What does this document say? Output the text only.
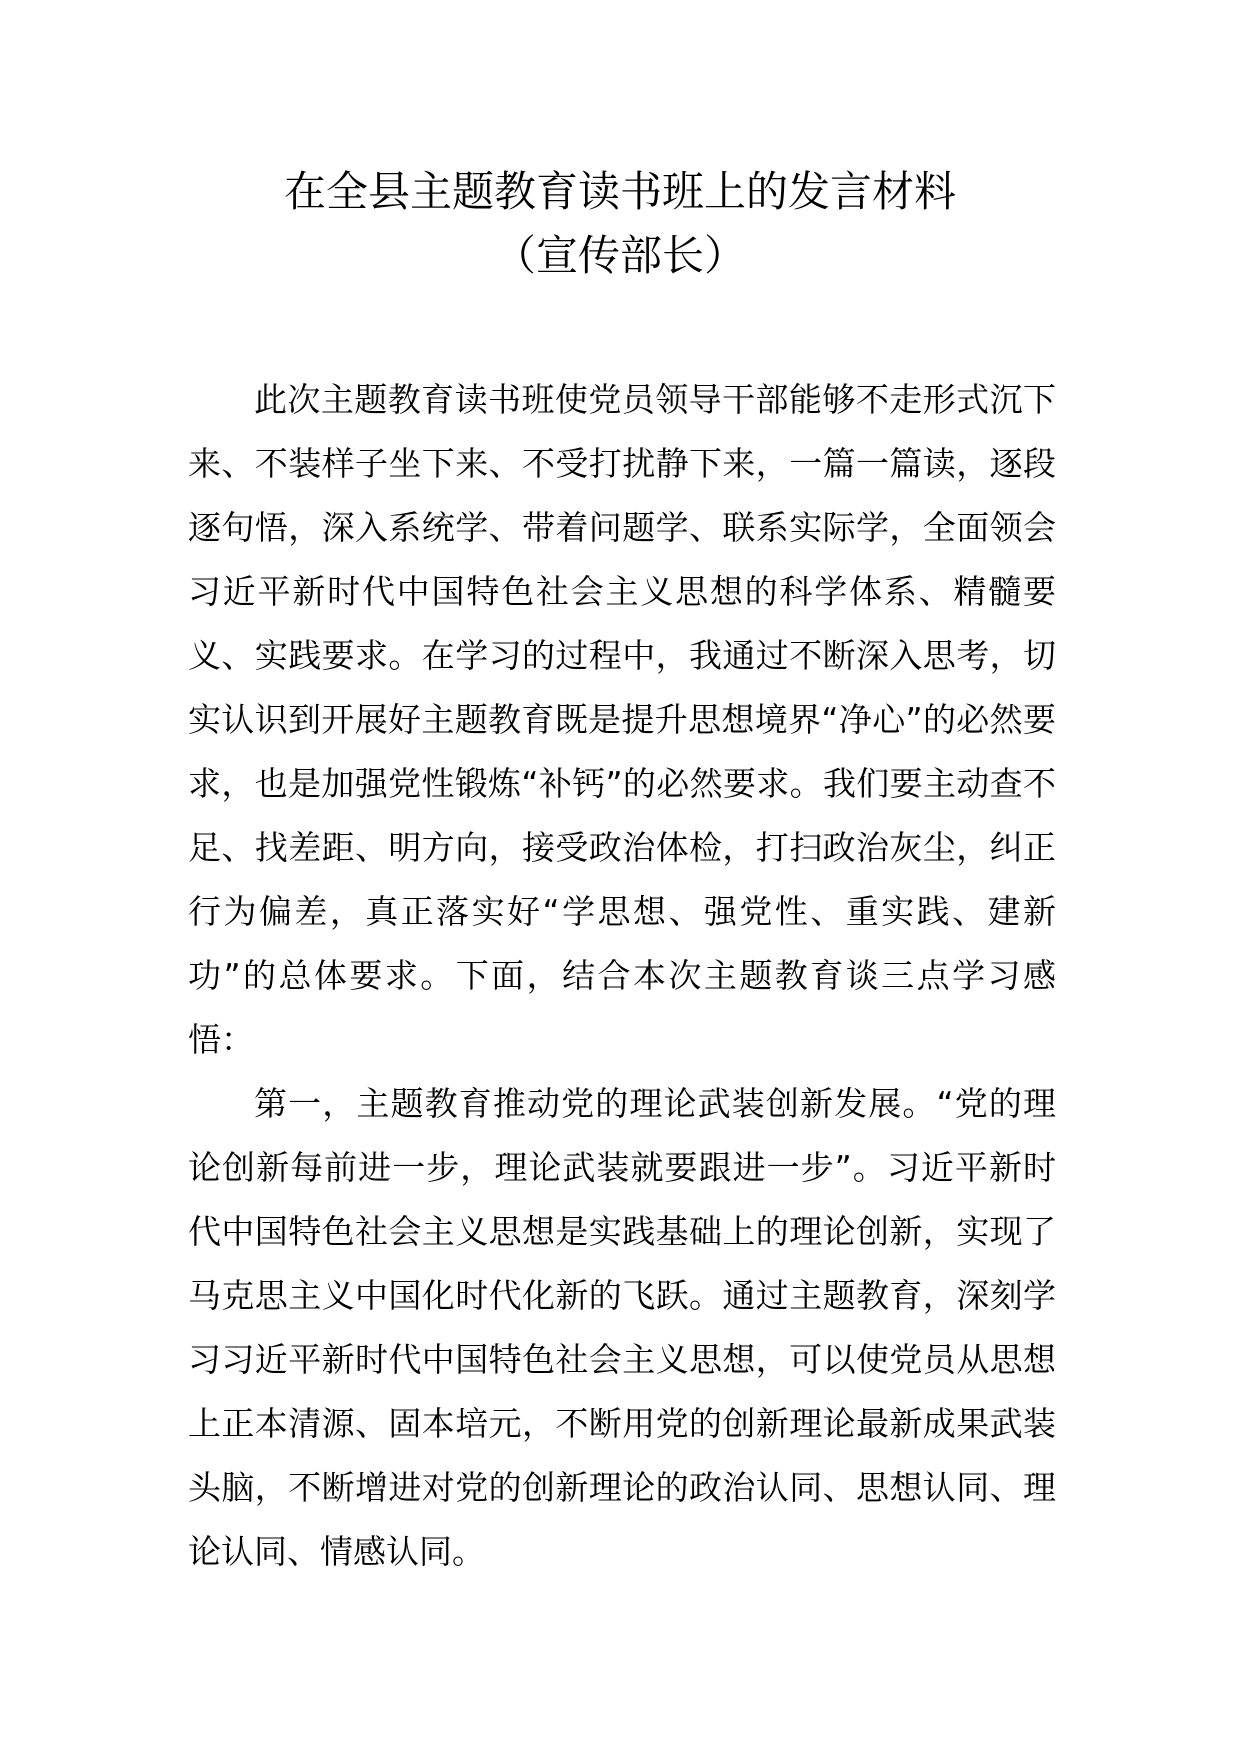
在全县主题教育读书班上的发言材料
（宣传部长）

此次主题教育读书班使党员领导干部能够不走形式沉下来、不装样子坐下来、不受打扰静下来，一篇一篇读，逐段逐句悟，深入系统学、带着问题学、联系实际学，全面领会习近平新时代中国特色社会主义思想的科学体系、精髓要义、实践要求。在学习的过程中，我通过不断深入思考，切实认识到开展好主题教育既是提升思想境界“净心”的必然要求，也是加强党性锻炼“补钙”的必然要求。我们要主动查不足、找差距、明方向，接受政治体检，打扫政治灰尘，纠正行为偏差，真正落实好“学思想、强党性、重实践、建新功”的总体要求。下面，结合本次主题教育谈三点学习感悟：

第一，主题教育推动党的理论武装创新发展。“党的理论创新每前进一步，理论武装就要跟进一步”。习近平新时代中国特色社会主义思想是实践基础上的理论创新，实现了马克思主义中国化时代化新的飞跃。通过主题教育，深刻学习习近平新时代中国特色社会主义思想，可以使党员从思想上正本清源、固本培元，不断用党的创新理论最新成果武装头脑，不断增进对党的创新理论的政治认同、思想认同、理论认同、情感认同。
